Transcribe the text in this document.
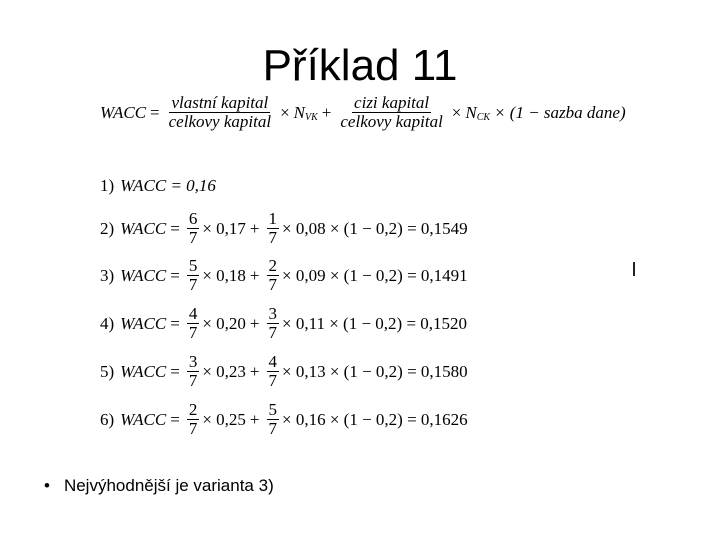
Příklad 11
WACC = $\frac{\text{vlastní kapital}}{\text{celkovy kapital}} \times N$ VK + $\frac{\text{cizi kapital}}{\text{celkovy kapital}} \times N$ CK × (1 − sazba dane)
1) WACC = 0,16
2) WACC = $\frac{6}{7} \times 0,17 + \frac{1}{7} \times 0,08 \times (1 - 0,2) = 0,1549$
3) WACC = $\frac{5}{7} \times 0,18 + \frac{2}{7} \times 0,09 \times (1 - 0,2) = 0,1491$
4) WACC = $\frac{4}{7} \times 0,20 + \frac{3}{7} \times 0,11 \times (1 - 0,2) = 0,1520$
5) WACC = $\frac{3}{7} \times 0,23 + \frac{4}{7} \times 0,13 \times (1 - 0,2) = 0,1580$
6) WACC = $\frac{2}{7} \times 0,25 + \frac{5}{7} \times 0,16 \times (1 - 0,2) = 0,1626$
• Nejvýhodnější je varianta 3)
